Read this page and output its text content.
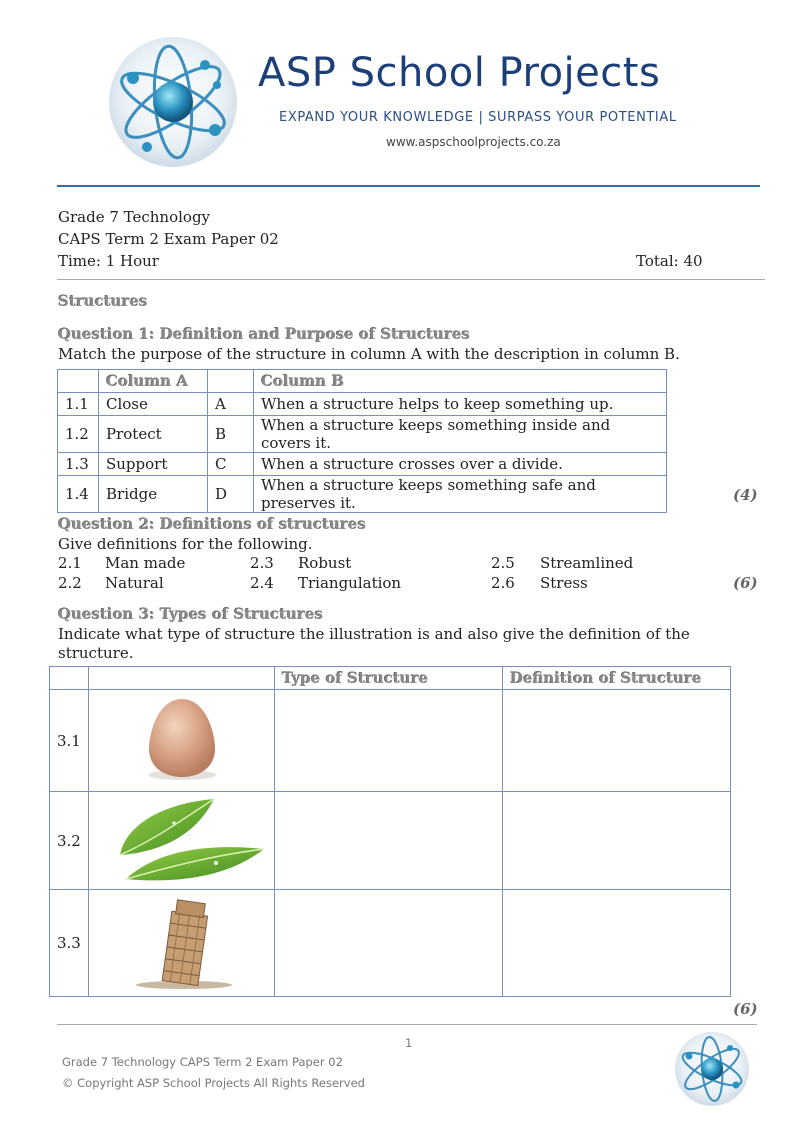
ASP School Projects
EXPAND YOUR KNOWLEDGE | SURPASS YOUR POTENTIAL
www.aspschoolprojects.co.za
Grade 7 Technology
CAPS Term 2 Exam Paper 02
Time: 1 Hour	Total: 40
Structures
Question 1: Definition and Purpose of Structures
Match the purpose of the structure in column A with the description in column B.
	Column A		Column B
1.1	Close	A	When a structure helps to keep something up.
1.2	Protect	B	When a structure keeps something inside and covers it.
1.3	Support	C	When a structure crosses over a divide.
1.4	Bridge	D	When a structure keeps something safe and preserves it.	(4)
Question 2: Definitions of structures
Give definitions for the following.
2.1 Man made
2.2 Natural
2.3 Robust
2.4 Triangulation
2.5 Streamlined
2.6 Stress	(6)
Question 3: Types of Structures
Indicate what type of structure the illustration is and also give the definition of the
structure.
		Type of Structure	Definition of Structure
3.1			
3.2			
3.3			
(6)
1
Grade 7 Technology CAPS Term 2 Exam Paper 02
© Copyright ASP School Projects All Rights Reserved
